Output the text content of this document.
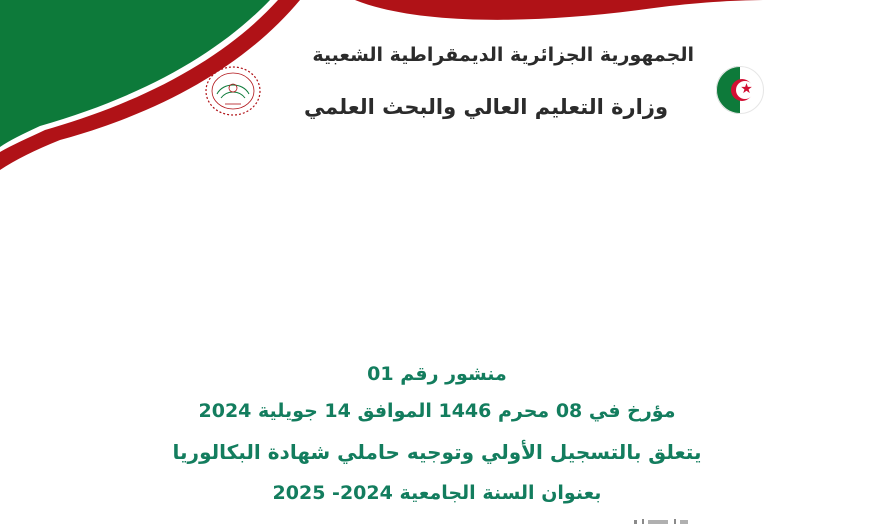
الجمهورية الجزائرية الديمقراطية الشعبية
وزارة التعليم العالي والبحث العلمي
منشور رقم 01
مؤرخ في 08 محرم 1446 الموافق 14 جويلية 2024
يتعلق بالتسجيل الأولي وتوجيه حاملي شهادة البكالوريا
بعنوان السنة الجامعية 2024- 2025
